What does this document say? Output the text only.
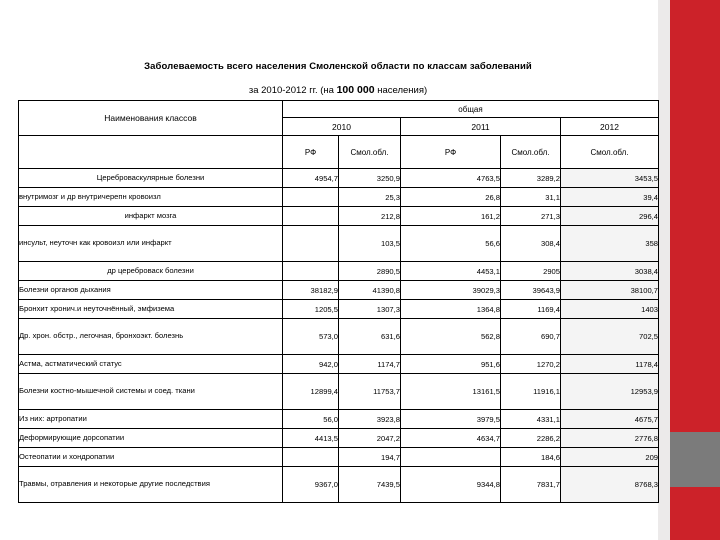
Заболеваемость всего населения Смоленской области по классам заболеваний
за 2010-2012 гг. (на 100 000 населения)
Наименования классов	общая				
	2010		2011		2012
	РФ	Смол.обл.	РФ	Смол.обл.	Смол.обл.
Цереброваскулярные болезни	4954,7	3250,9	4763,5	3289,2	3453,5
внутримозг и др внутричерепн кровоизл		25,3	26,8	31,1	39,4
инфаркт мозга		212,8	161,2	271,3	296,4
инсульт, неуточн как кровоизл или инфаркт		103,5	56,6	308,4	358
др цереброваск болезни		2890,5	4453,1	2905	3038,4
Болезни органов дыхания	38182,9	41390,8	39029,3	39643,9	38100,7
Бронхит хронич.и неуточнённый, эмфизема	1205,5	1307,3	1364,8	1169,4	1403
Др. хрон. обстр., легочная, бронхоэкт. болезнь	573,0	631,6	562,8	690,7	702,5
Астма, астматический статус	942,0	1174,7	951,6	1270,2	1178,4
Болезни костно-мышечной системы и соед. ткани	12899,4	11753,7	13161,5	11916,1	12953,9
Из них: артропатии	56,0	3923,8	3979,5	4331,1	4675,7
Деформирующие дорсопатии	4413,5	2047,2	4634,7	2286,2	2776,8
Остеопатии и хондропатии		194,7		184,6	209
Травмы, отравления и некоторые другие последствия	9367,0	7439,5	9344,8	7831,7	8768,3
